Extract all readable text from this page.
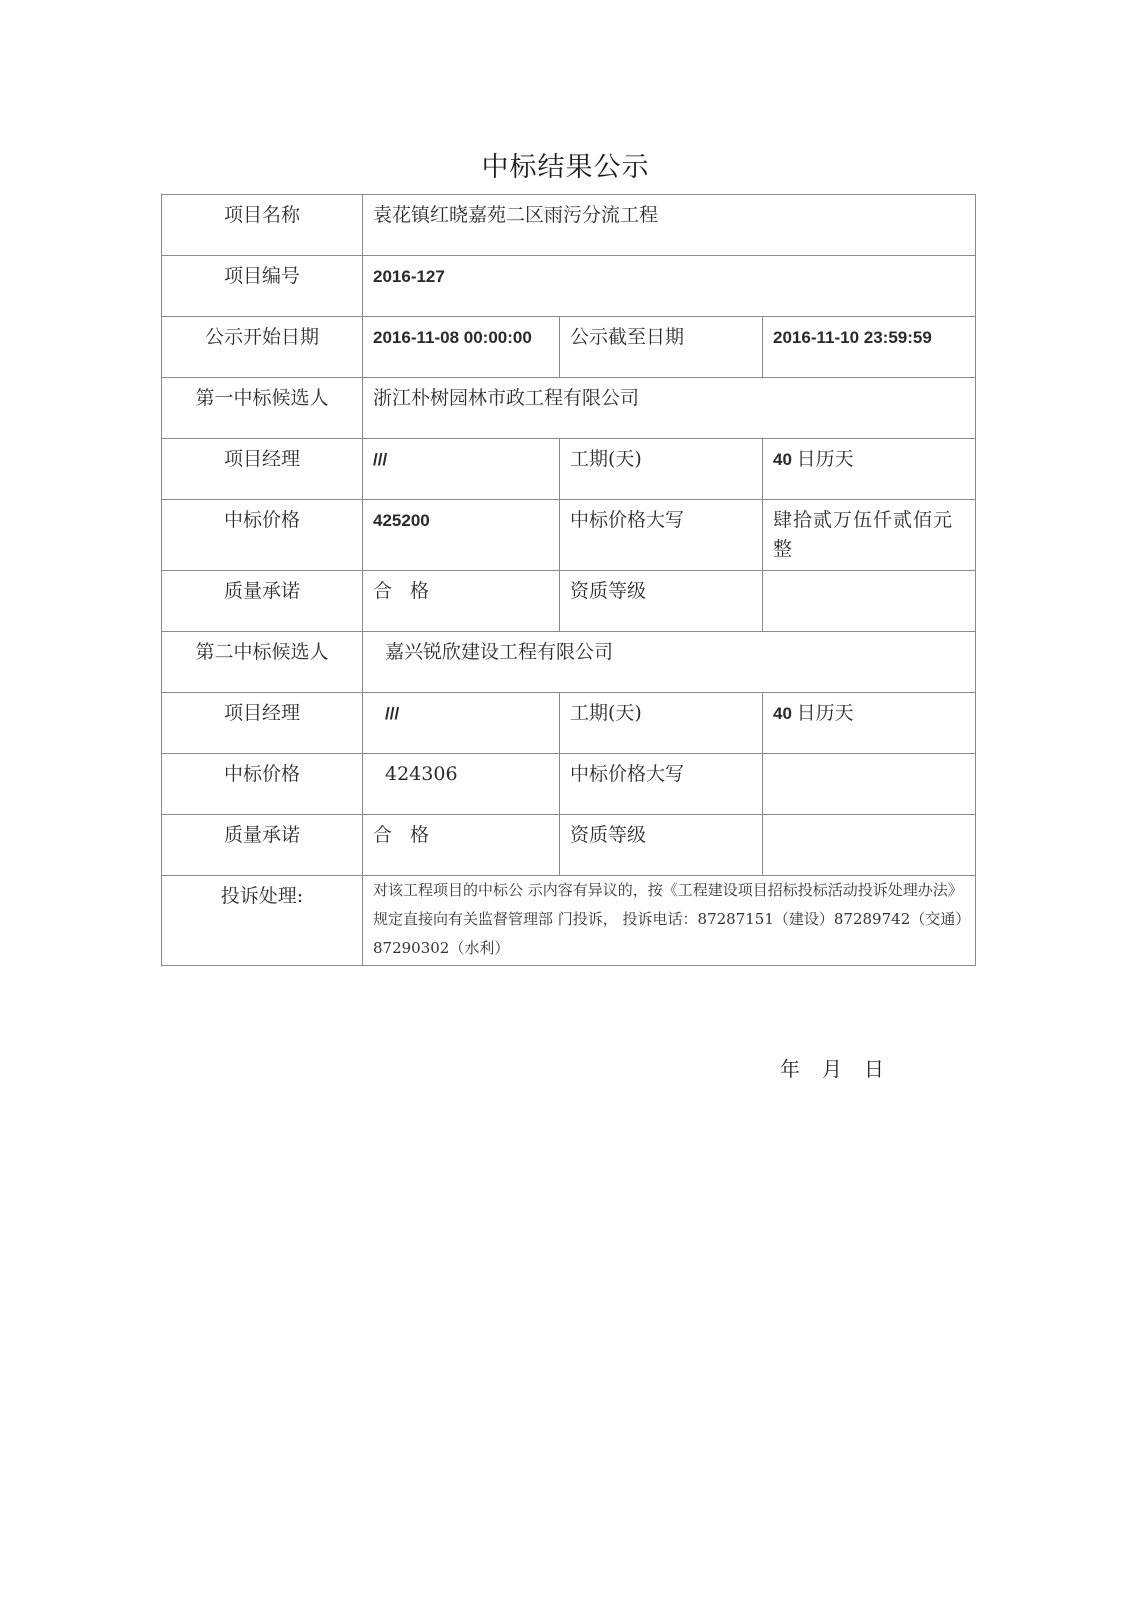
中标结果公示
项目名称	袁花镇红晓嘉苑二区雨污分流工程		
项目编号	2016-127		
公示开始日期	2016-11-08 00:00:00	公示截至日期	2016-11-10 23:59:59
第一中标候选人	浙江朴树园林市政工程有限公司		
项目经理	///	工期(天)	40 日历天
中标价格	425200	中标价格大写	肆拾贰万伍仟贰佰元整
质量承诺	合格	资质等级	
第二中标候选人	嘉兴锐欣建设工程有限公司		
项目经理	///	工期(天)	40 日历天
中标价格	424306	中标价格大写	
质量承诺	合格	资质等级	
投诉处理:	对该工程项目的中标公 示内容有异议的，按《工程建设项目招标投标活动投诉处理办法》 规定直接向有关监督管理部 门投诉， 投诉电话：87287151（建设）87289742（交通）87290302（水利）		
年 月 日
